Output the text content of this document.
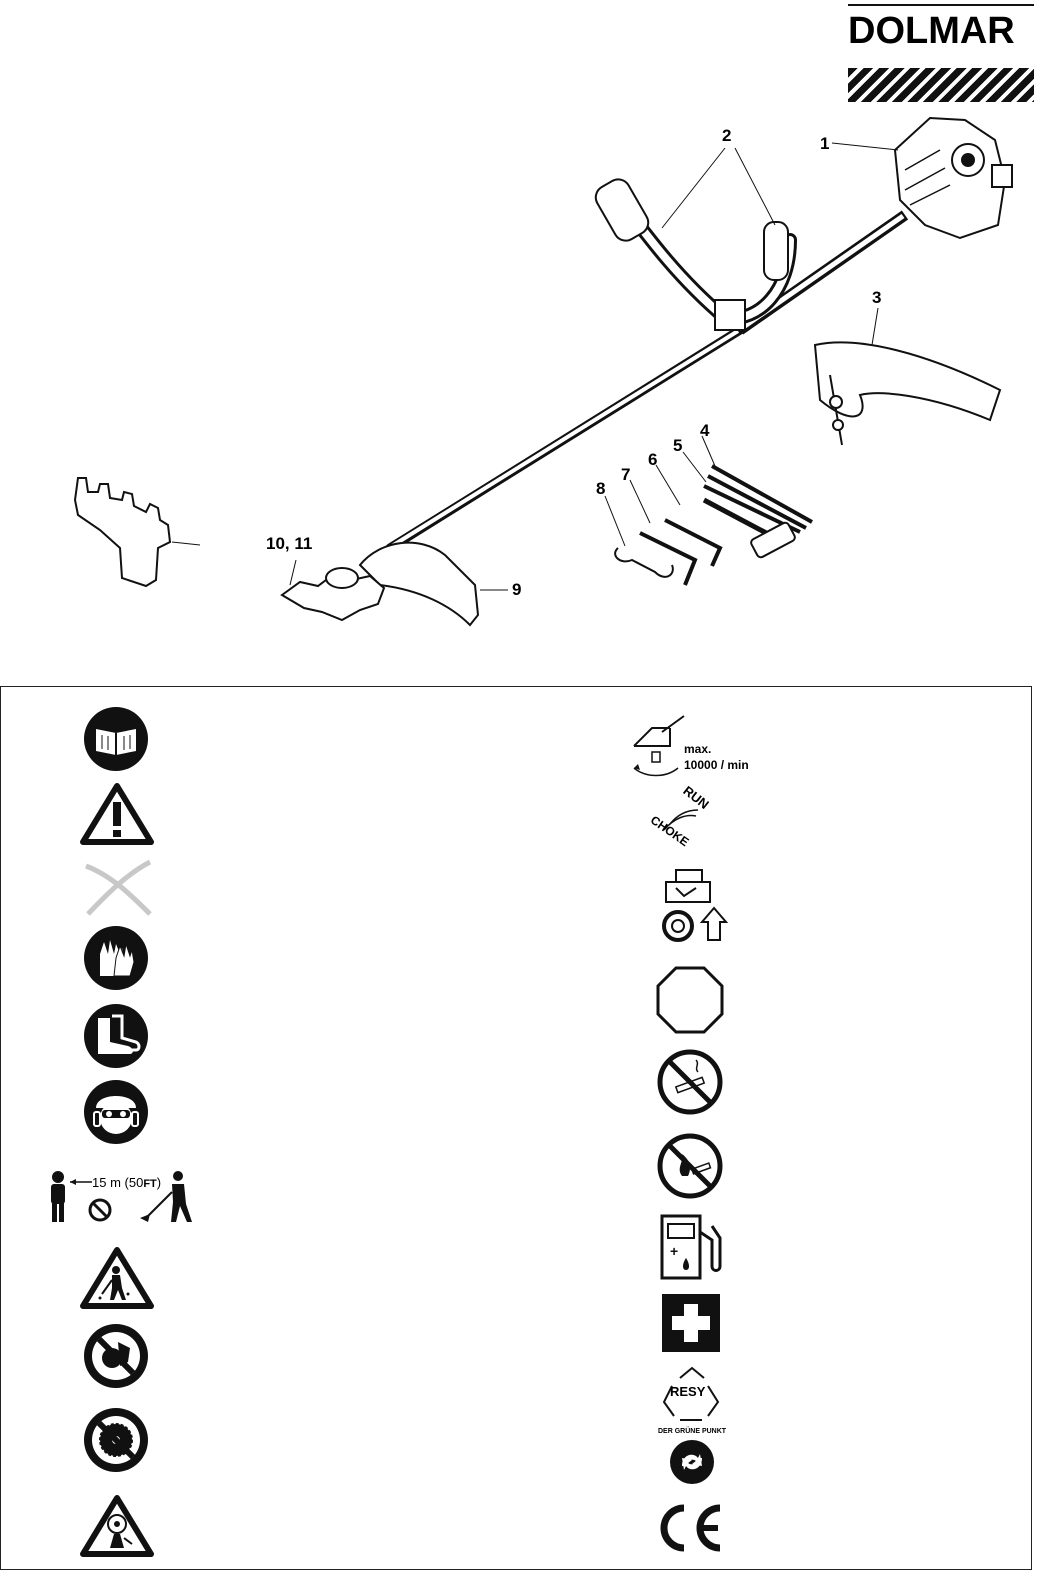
DOLMAR
1
2
3
4
5
6
7
8
9
10, 11
15 m (50FT)
max.
10000 / min
RUN
CHOKE
+
RESY
DER GRÜNE PUNKT
